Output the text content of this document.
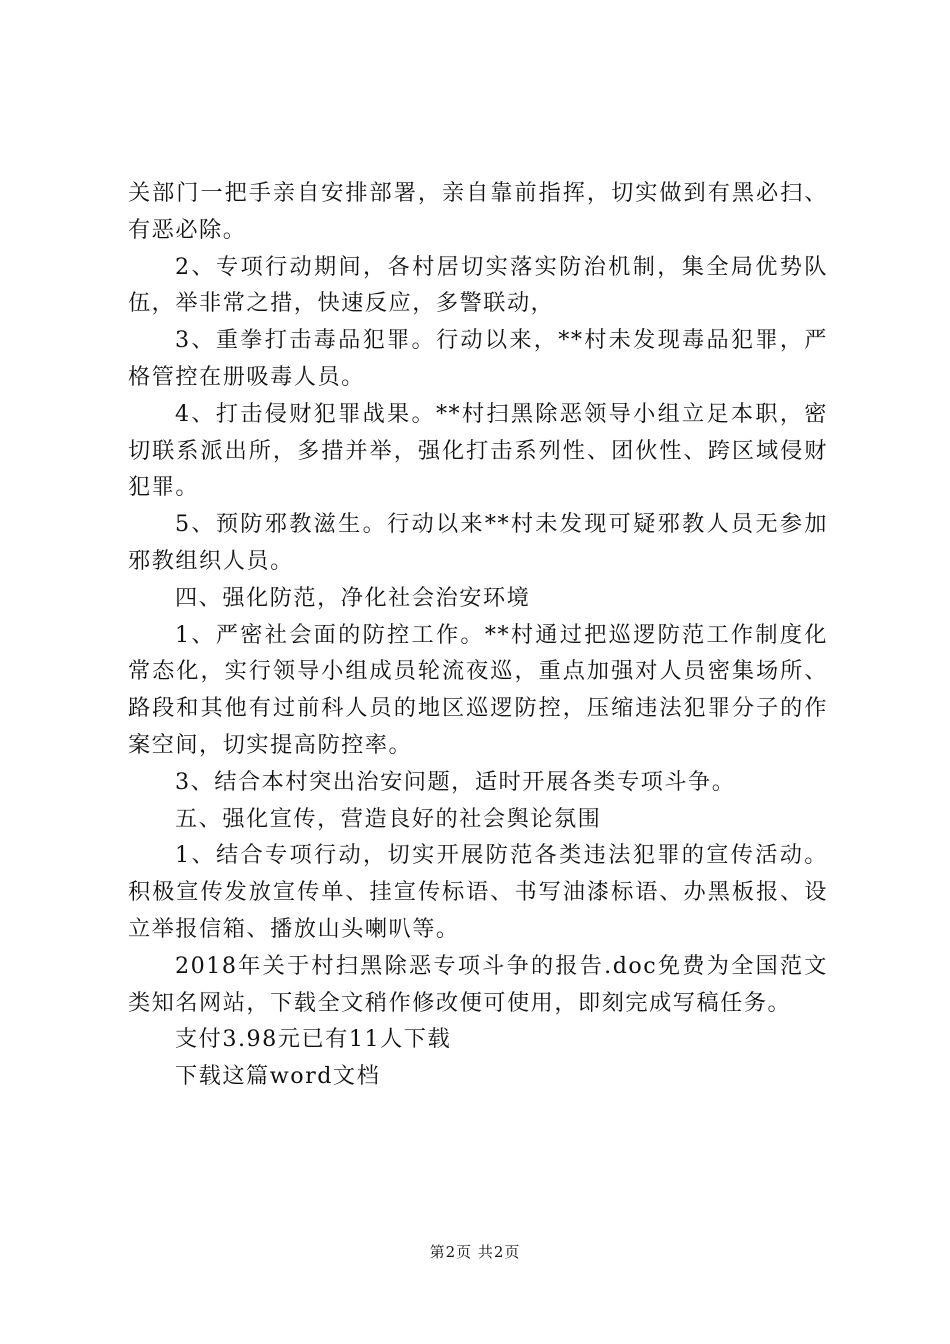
关部门一把手亲自安排部署，亲自靠前指挥，切实做到有黑必扫、有恶必除。

2、专项行动期间，各村居切实落实防治机制，集全局优势队伍，举非常之措，快速反应，多警联动，

3、重拳打击毒品犯罪。行动以来，**村未发现毒品犯罪，严格管控在册吸毒人员。

4、打击侵财犯罪战果。**村扫黑除恶领导小组立足本职，密切联系派出所，多措并举，强化打击系列性、团伙性、跨区域侵财犯罪。

5、预防邪教滋生。行动以来**村未发现可疑邪教人员无参加邪教组织人员。

四、强化防范，净化社会治安环境

1、严密社会面的防控工作。**村通过把巡逻防范工作制度化常态化，实行领导小组成员轮流夜巡，重点加强对人员密集场所、路段和其他有过前科人员的地区巡逻防控，压缩违法犯罪分子的作案空间，切实提高防控率。

3、结合本村突出治安问题，适时开展各类专项斗争。

五、强化宣传，营造良好的社会舆论氛围

1、结合专项行动，切实开展防范各类违法犯罪的宣传活动。积极宣传发放宣传单、挂宣传标语、书写油漆标语、办黑板报、设立举报信箱、播放山头喇叭等。

2018年关于村扫黑除恶专项斗争的报告.doc免费为全国范文类知名网站，下载全文稍作修改便可使用，即刻完成写稿任务。

支付3.98元已有11人下载

下载这篇word文档

第2页 共2页
